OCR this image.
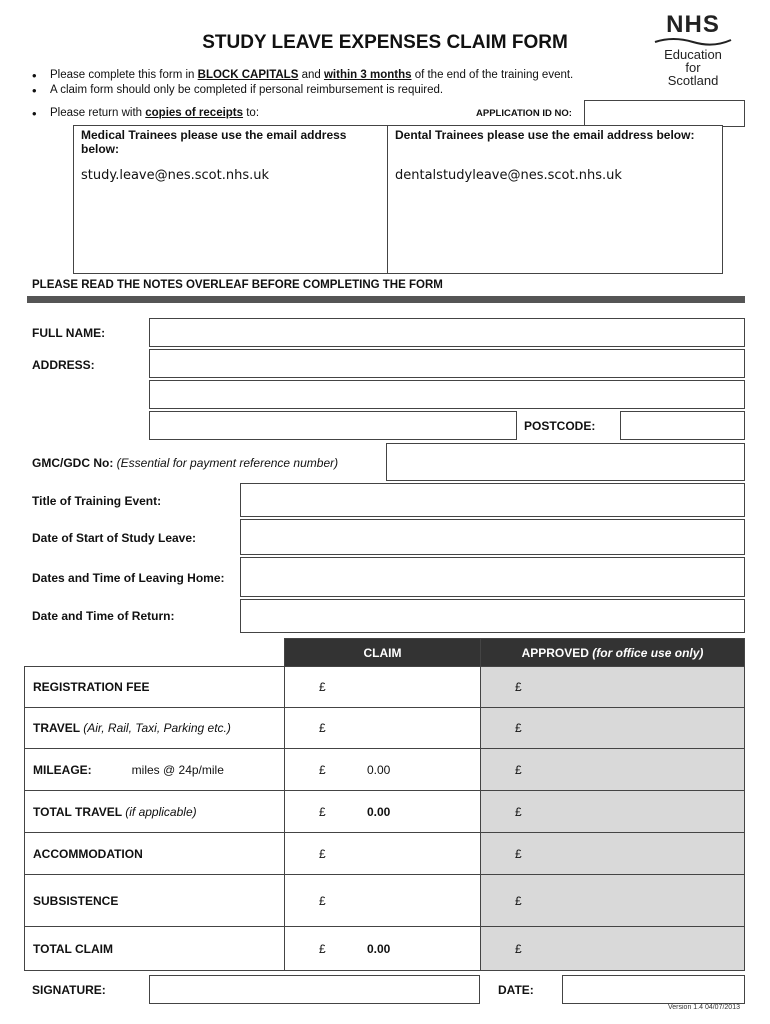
STUDY LEAVE EXPENSES CLAIM FORM
NHS
Education
for
Scotland
• Please complete this form in BLOCK CAPITALS and within 3 months of the end of the training event.
• A claim form should only be completed if personal reimbursement is required.
• Please return with copies of receipts to:	APPLICATION ID NO:
Medical Trainees please use the email address below:
study.leave@nes.scot.nhs.uk
Dental Trainees please use the email address below:
dentalstudyleave@nes.scot.nhs.uk
PLEASE READ THE NOTES OVERLEAF BEFORE COMPLETING THE FORM
FULL NAME:
ADDRESS:
POSTCODE:
GMC/GDC No: (Essential for payment reference number)
Title of Training Event:
Date of Start of Study Leave:
Dates and Time of Leaving Home:
Date and Time of Return:
	CLAIM	APPROVED (for office use only)
REGISTRATION FEE	£	£
TRAVEL (Air, Rail, Taxi, Parking etc.)	£	£
MILEAGE: miles @ 24p/mile	£ 0.00	£
TOTAL TRAVEL (if applicable)	£ 0.00	£
ACCOMMODATION	£	£
SUBSISTENCE	£	£
TOTAL CLAIM	£ 0.00	£
SIGNATURE:	DATE:
Version 1.4 04/07/2013
